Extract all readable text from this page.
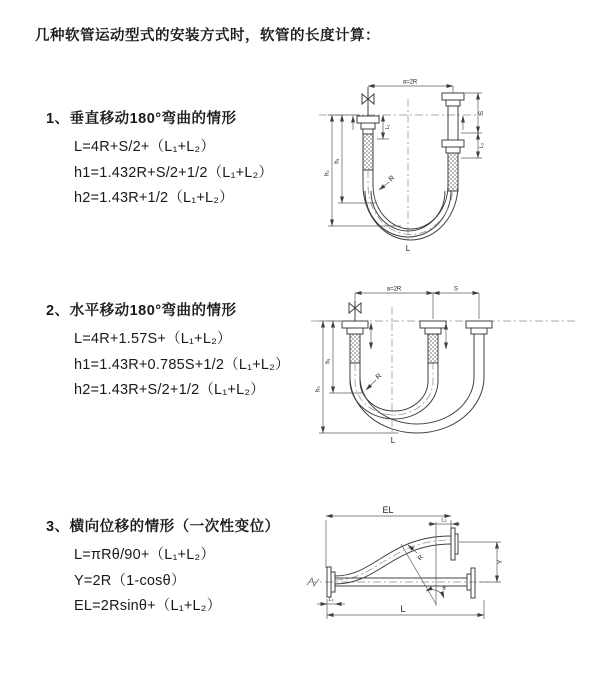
几种软管运动型式的安装方式时，软管的长度计算：
1、垂直移动180°弯曲的情形
L=4R+S/2+（L₁+L₂）
h1=1.432R+S/2+1/2（L₁+L₂）
h2=1.43R+1/2（L₁+L₂）
2、水平移动180°弯曲的情形
L=4R+1.57S+（L₁+L₂）
h1=1.43R+0.785S+1/2（L₁+L₂）
h2=1.43R+S/2+1/2（L₁+L₂）
3、横向位移的情形（一次性变位）
L=πRθ/90+（L₁+L₂）
Y=2R（1-cosθ）
EL=2Rsinθ+（L₁+L₂）
a=2R
h₂
h₁
L₁
S
L₂
R
L
a=2R	S
h₂
h₁
R
L
EL
L₂
θ
R	Y
L
L₁
